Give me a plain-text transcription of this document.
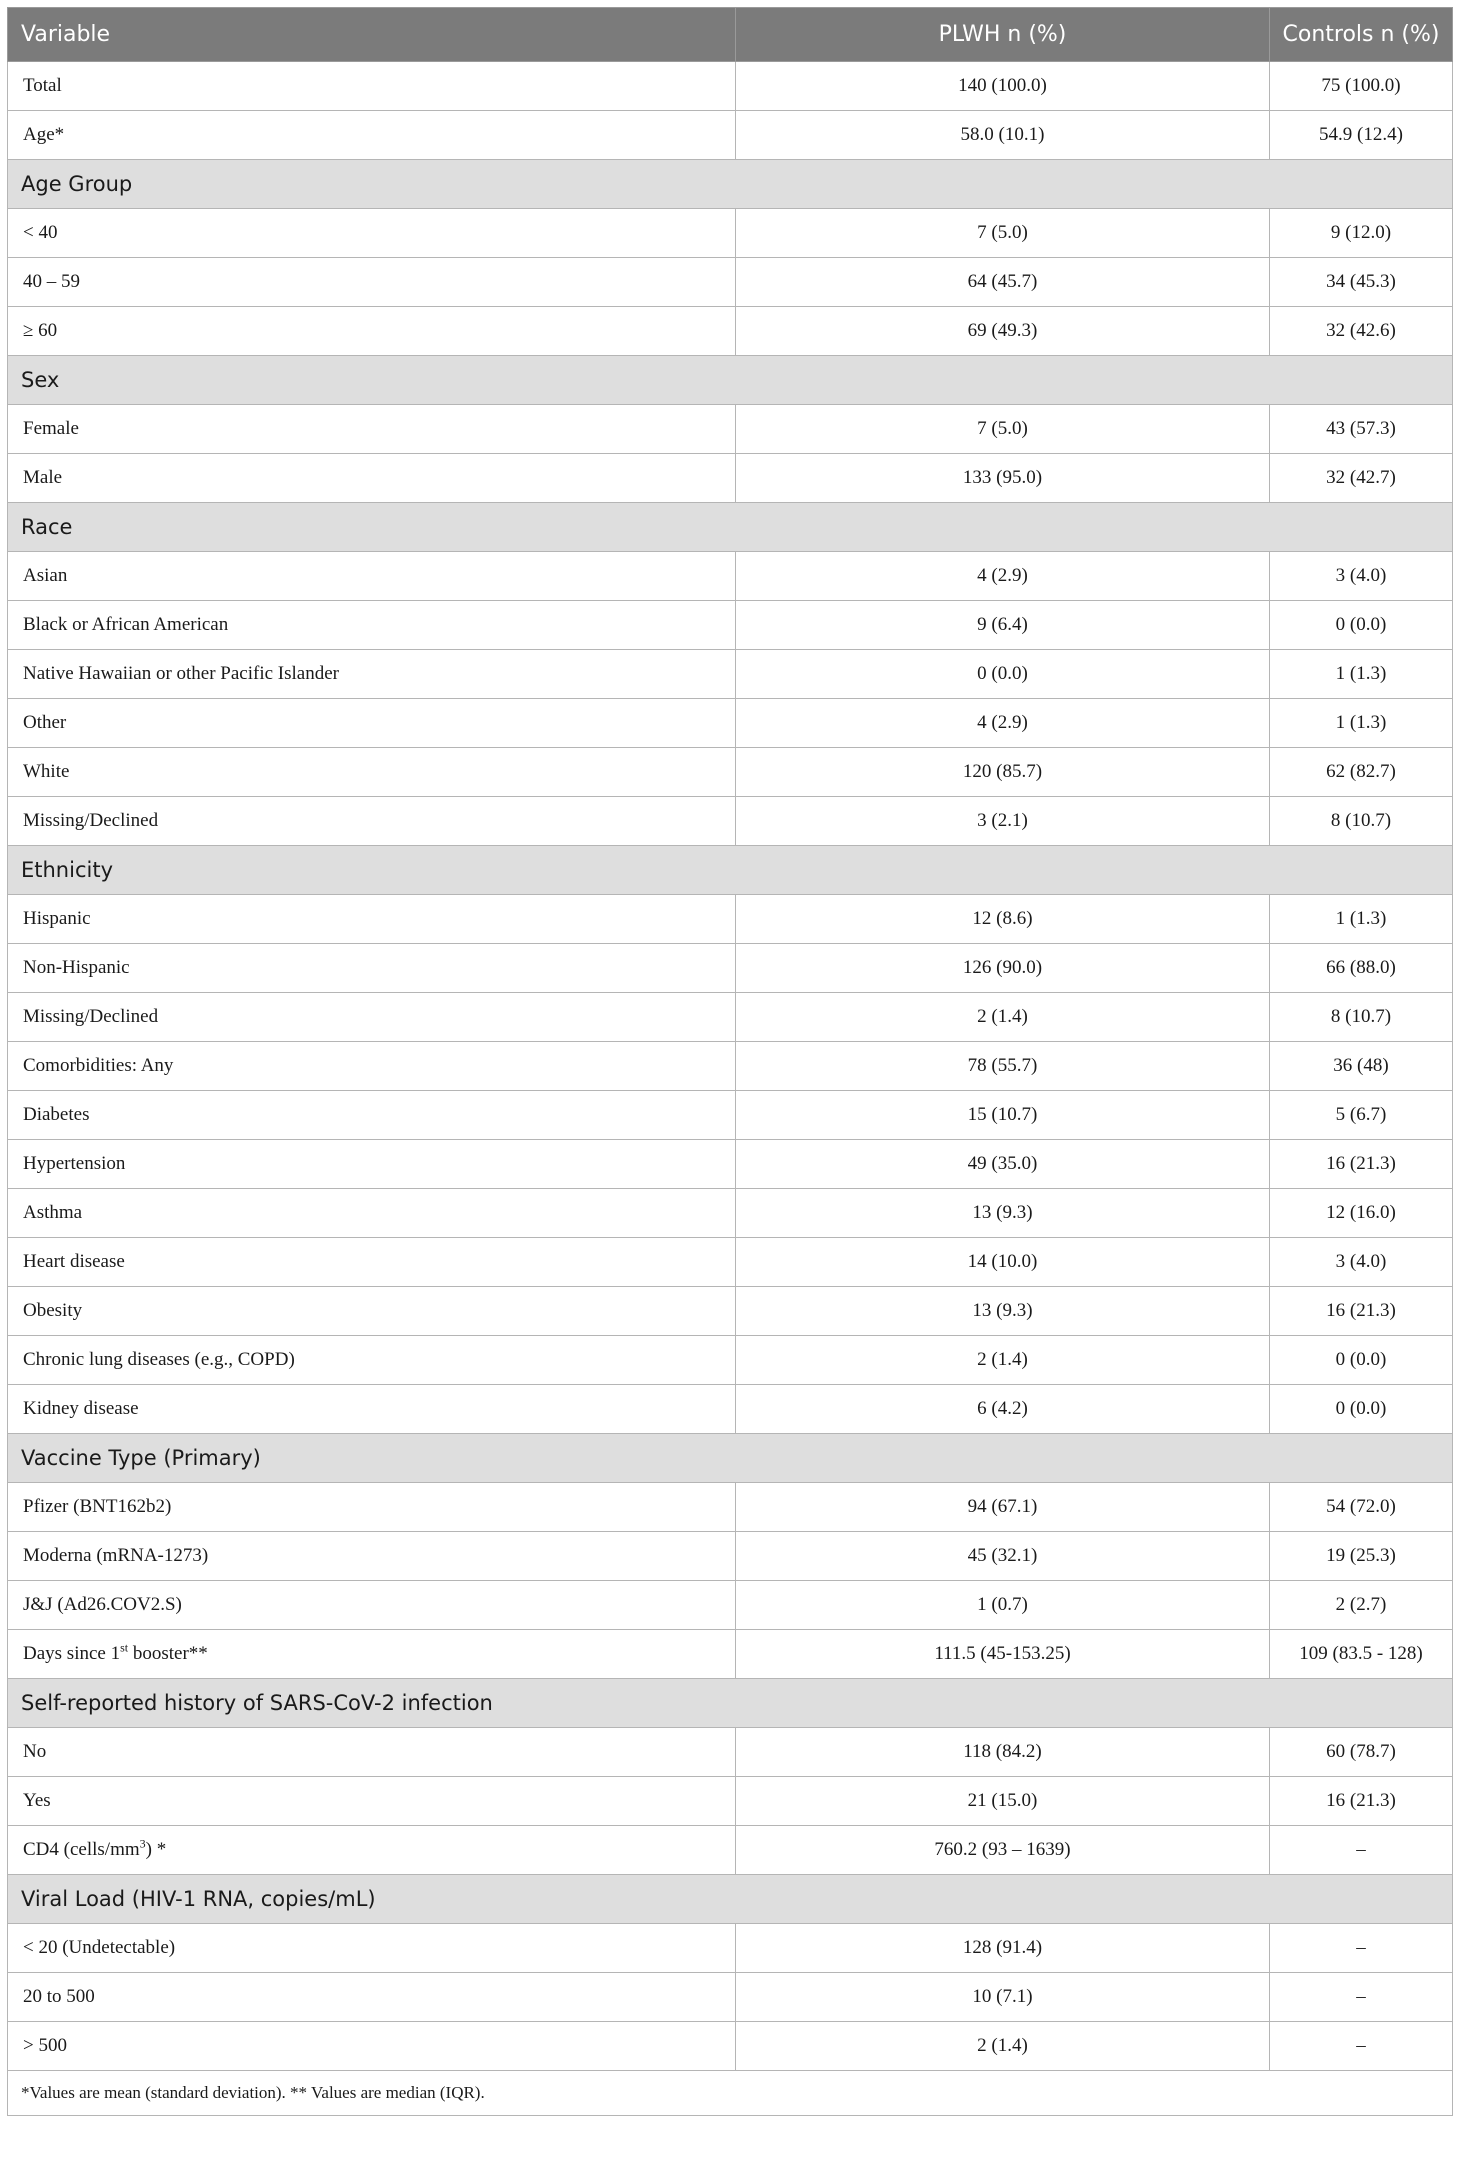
Variable	PLWH n (%)	Controls n (%)
Total	140 (100.0)	75 (100.0)
Age*	58.0 (10.1)	54.9 (12.4)
Age Group		
< 40	7 (5.0)	9 (12.0)
40 – 59	64 (45.7)	34 (45.3)
≥ 60	69 (49.3)	32 (42.6)
Sex		
Female	7 (5.0)	43 (57.3)
Male	133 (95.0)	32 (42.7)
Race		
Asian	4 (2.9)	3 (4.0)
Black or African American	9 (6.4)	0 (0.0)
Native Hawaiian or other Pacific Islander	0 (0.0)	1 (1.3)
Other	4 (2.9)	1 (1.3)
White	120 (85.7)	62 (82.7)
Missing/Declined	3 (2.1)	8 (10.7)
Ethnicity		
Hispanic	12 (8.6)	1 (1.3)
Non-Hispanic	126 (90.0)	66 (88.0)
Missing/Declined	2 (1.4)	8 (10.7)
Comorbidities: Any	78 (55.7)	36 (48)
Diabetes	15 (10.7)	5 (6.7)
Hypertension	49 (35.0)	16 (21.3)
Asthma	13 (9.3)	12 (16.0)
Heart disease	14 (10.0)	3 (4.0)
Obesity	13 (9.3)	16 (21.3)
Chronic lung diseases (e.g., COPD)	2 (1.4)	0 (0.0)
Kidney disease	6 (4.2)	0 (0.0)
Vaccine Type (Primary)		
Pfizer (BNT162b2)	94 (67.1)	54 (72.0)
Moderna (mRNA-1273)	45 (32.1)	19 (25.3)
J&J (Ad26.COV2.S)	1 (0.7)	2 (2.7)
Days since 1st booster**	111.5 (45-153.25)	109 (83.5 - 128)
Self-reported history of SARS-CoV-2 infection		
No	118 (84.2)	60 (78.7)
Yes	21 (15.0)	16 (21.3)
CD4 $(cells/mm^3)$ *	760.2 (93 – 1639)	–
Viral Load (HIV-1 RNA, copies/mL)		
< 20 (Undetectable)	128 (91.4)	–
20 to 500	10 (7.1)	–
> 500	2 (1.4)	–
*Values are mean (standard deviation). ** Values are median (IQR).		
